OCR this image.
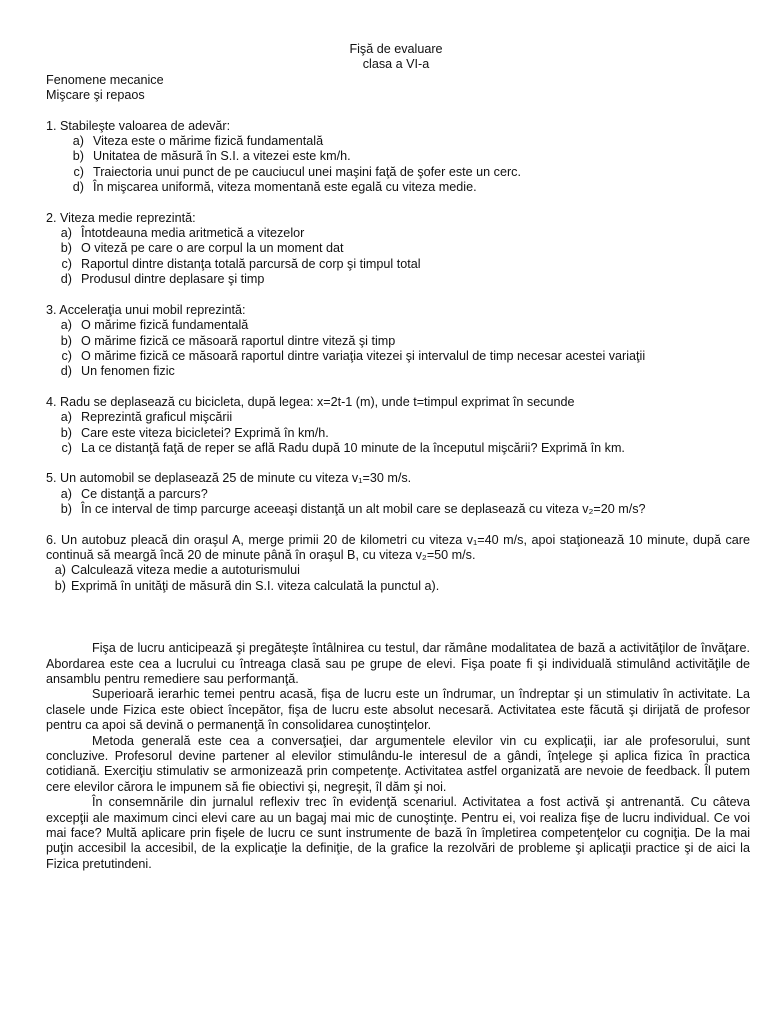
Fişă de evaluare
clasa a VI-a
Fenomene mecanice
Mişcare şi repaos
1. Stabileşte valoarea de adevăr:
a) Viteza este o mărime fizică fundamentală
b) Unitatea de măsură în S.I. a vitezei este km/h.
c) Traiectoria unui punct de pe cauciucul unei maşini faţă de şofer este un cerc.
d) În mişcarea uniformă, viteza momentană este egală cu viteza medie.
2. Viteza medie reprezintă:
a) Întotdeauna media aritmetică a vitezelor
b) O viteză pe care o are corpul la un moment dat
c) Raportul dintre distanţa totală parcursă de corp şi timpul total
d) Produsul dintre deplasare şi timp
3. Acceleraţia unui mobil reprezintă:
a) O mărime fizică fundamentală
b) O mărime fizică ce măsoară raportul dintre viteză şi timp
c) O mărime fizică ce măsoară raportul dintre variaţia vitezei şi intervalul de timp necesar acestei variaţii
d) Un fenomen fizic
4. Radu se deplasează cu bicicleta, după legea: x=2t-1 (m), unde t=timpul exprimat în secunde
a) Reprezintă graficul mişcării
b) Care este viteza bicicletei? Exprimă în km/h.
c) La ce distanţă faţă de reper se află Radu după 10 minute de la începutul mişcării? Exprimă în km.
5. Un automobil se deplasează 25 de minute cu viteza v₁=30 m/s.
a) Ce distanţă a parcurs?
b) În ce interval de timp parcurge aceeaşi distanţă un alt mobil care se deplasează cu viteza v₂=20 m/s?
6. Un autobuz pleacă din oraşul A, merge primii 20 de kilometri cu viteza v₁=40 m/s, apoi staţionează 10 minute, după care continuă să meargă încă 20 de minute până în oraşul B, cu viteza v₂=50 m/s.
a) Calculează viteza medie a autoturismului
b) Exprimă în unităţi de măsură din S.I. viteza calculată la punctul a).

Fişa de lucru anticipează şi pregăteşte întâlnirea cu testul, dar rămâne modalitatea de bază a activităţilor de învăţare. Abordarea este cea a lucrului cu întreaga clasă sau pe grupe de elevi. Fişa poate fi şi individuală stimulând activităţile de ansamblu pentru remediere sau performanţă.

Superioară ierarhic temei pentru acasă, fişa de lucru este un îndrumar, un îndreptar şi un stimulativ în activitate. La clasele unde Fizica este obiect începător, fişa de lucru este absolut necesară. Activitatea este făcută şi dirijată de profesor pentru ca apoi să devină o permanenţă în consolidarea cunoştinţelor.

Metoda generală este cea a conversaţiei, dar argumentele elevilor vin cu explicaţii, iar ale profesorului, sunt concluzive. Profesorul devine partener al elevilor stimulându-le interesul de a gândi, înţelege şi aplica fizica în practica cotidiană. Exerciţiu stimulativ se armonizează prin competenţe. Activitatea astfel organizată are nevoie de feedback. Îl putem cere elevilor cărora le impunem să fie obiectivi şi, negreşit, îl dăm şi noi.

În consemnările din jurnalul reflexiv trec în evidenţă scenariul. Activitatea a fost activă şi antrenantă. Cu câteva excepţii ale maximum cinci elevi care au un bagaj mai mic de cunoştinţe. Pentru ei, voi realiza fişe de lucru individual. Ce voi mai face? Multă aplicare prin fişele de lucru ce sunt instrumente de bază în împletirea competenţelor cu cogniţia. De la mai puţin accesibil la accesibil, de la explicaţie la definiţie, de la grafice la rezolvări de probleme şi aplicaţii practice şi de aici la Fizica pretutindeni.
